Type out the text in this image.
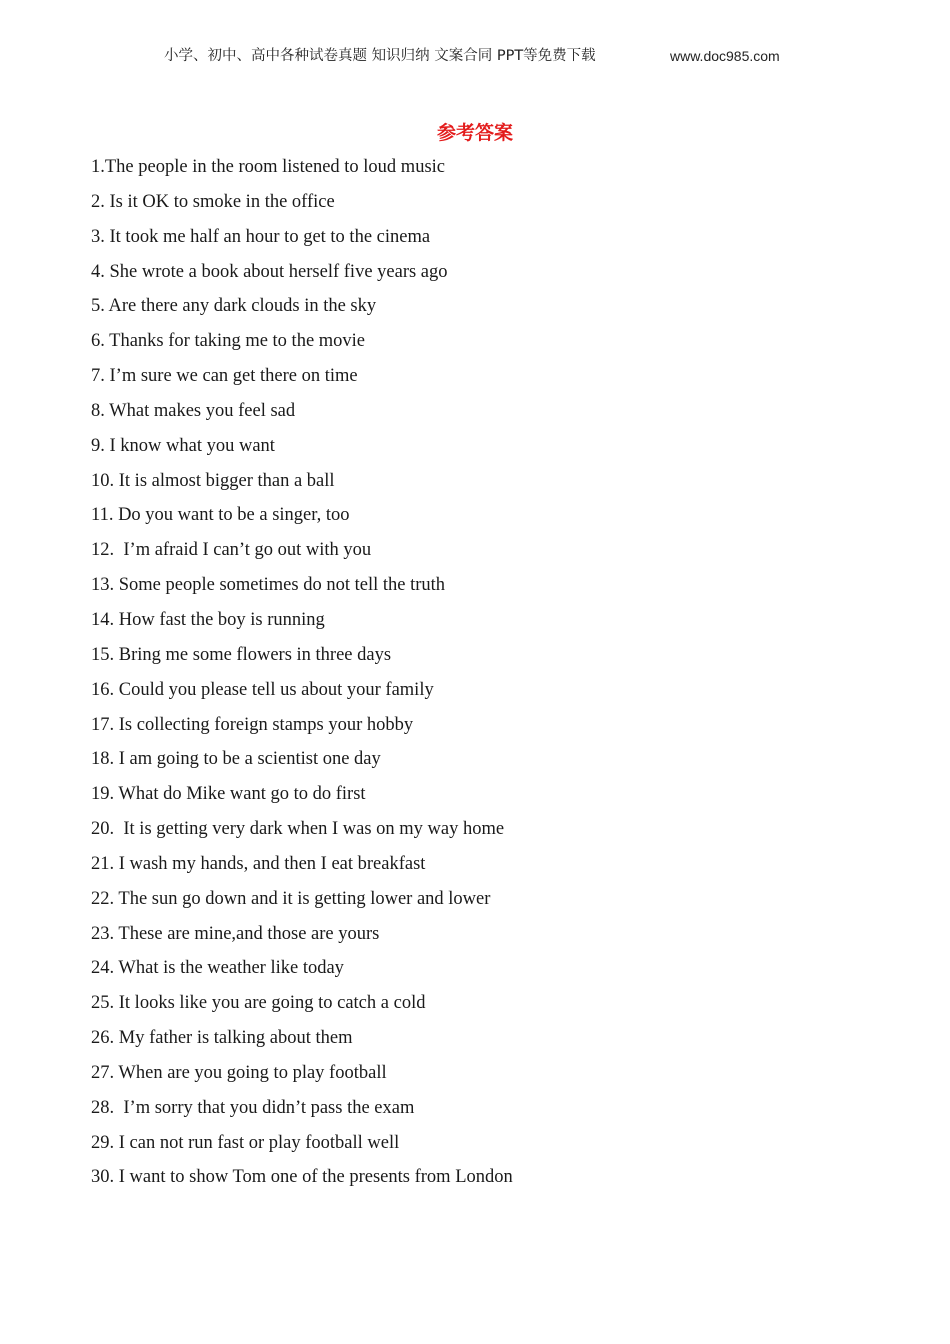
小学、初中、高中各种试卷真题 知识归纳 文案合同 PPT等免费下载	www.doc985.com
参考答案
1.The people in the room listened to loud music
2. Is it OK to smoke in the office
3. It took me half an hour to get to the cinema
4. She wrote a book about herself five years ago
5. Are there any dark clouds in the sky
6. Thanks for taking me to the movie
7. I’m sure we can get there on time
8. What makes you feel sad
9. I know what you want
10. It is almost bigger than a ball
11. Do you want to be a singer, too
12.  I’m afraid I can’t go out with you
13. Some people sometimes do not tell the truth
14. How fast the boy is running
15. Bring me some flowers in three days
16. Could you please tell us about your family
17. Is collecting foreign stamps your hobby
18. I am going to be a scientist one day
19. What do Mike want go to do first
20.  It is getting very dark when I was on my way home
21. I wash my hands, and then I eat breakfast
22. The sun go down and it is getting lower and lower
23. These are mine,and those are yours
24. What is the weather like today
25. It looks like you are going to catch a cold
26. My father is talking about them
27. When are you going to play football
28.  I’m sorry that you didn’t pass the exam
29. I can not run fast or play football well
30. I want to show Tom one of the presents from London
